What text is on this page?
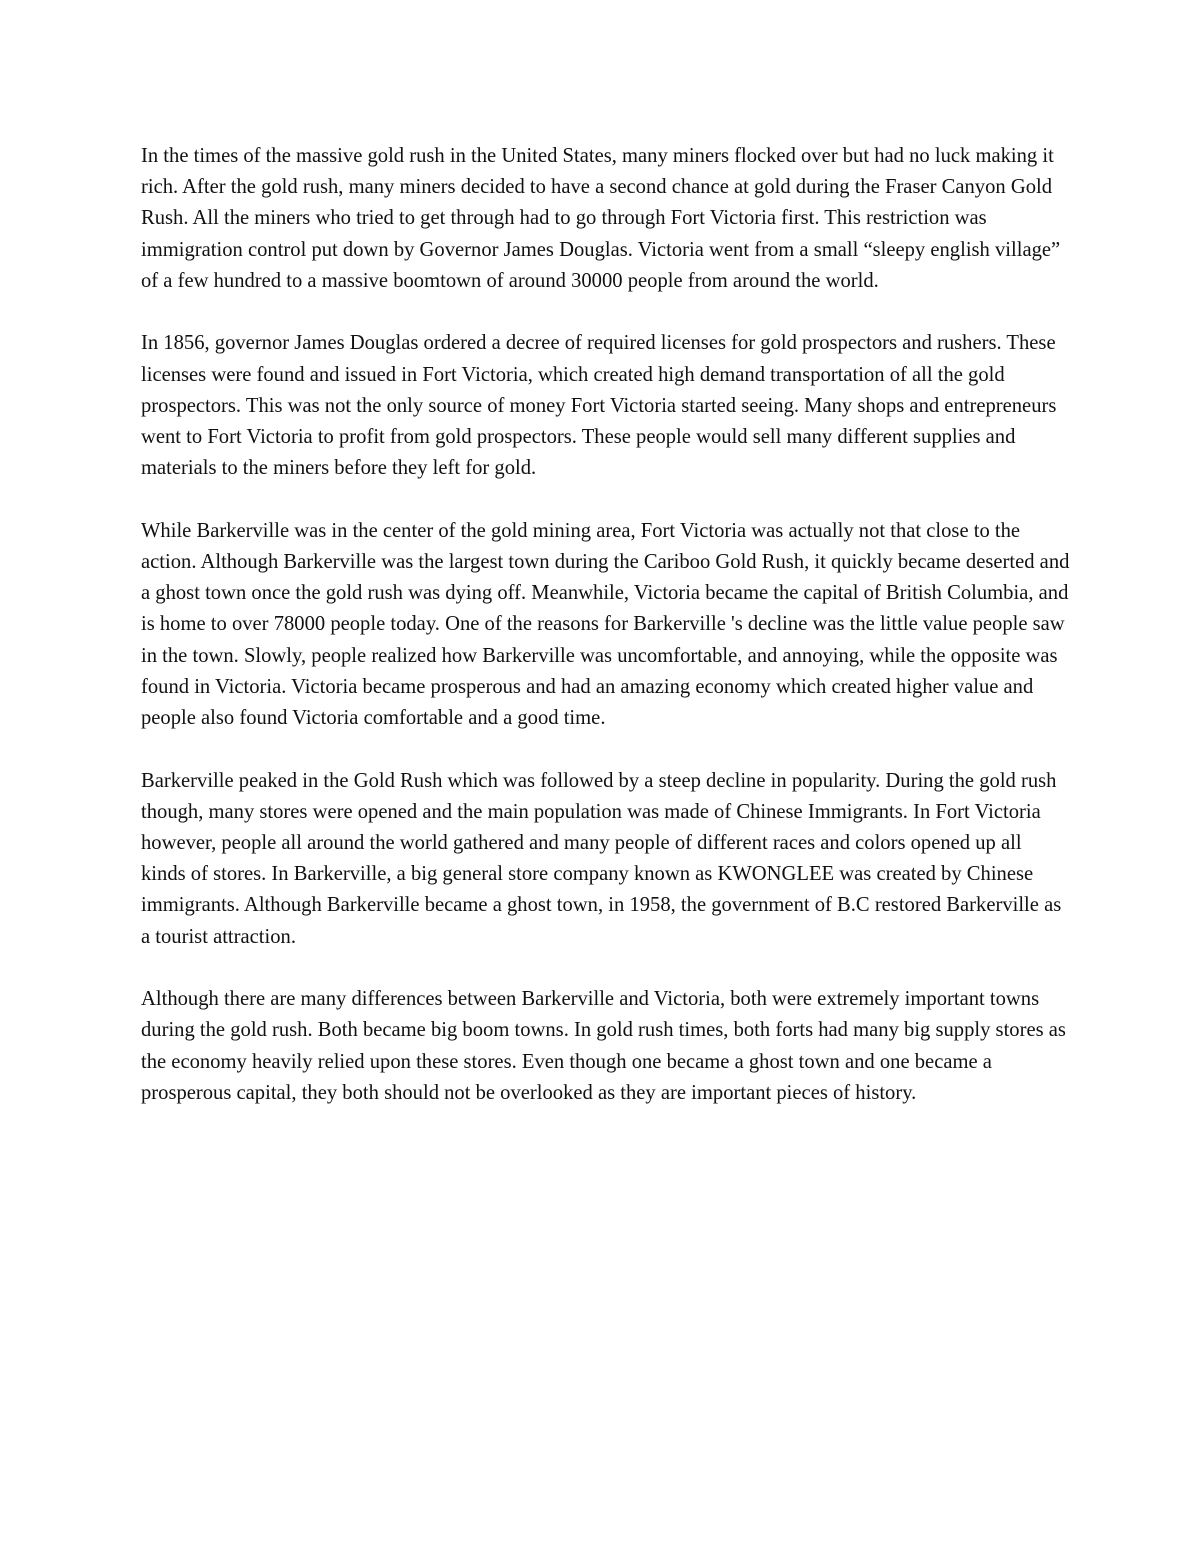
In the times of the massive gold rush in the United States, many miners flocked over but had no luck making it rich. After the gold rush, many miners decided to have a second chance at gold during the Fraser Canyon Gold Rush. All the miners who tried to get through had to go through Fort Victoria first. This restriction was immigration control put down by Governor James Douglas. Victoria went from a small “sleepy english village” of a few hundred to a massive boomtown of around 30000 people from around the world.

In 1856, governor James Douglas ordered a decree of required licenses for gold prospectors and rushers. These licenses were found and issued in Fort Victoria, which created high demand transportation of all the gold prospectors. This was not the only source of money Fort Victoria started seeing. Many shops and entrepreneurs went to Fort Victoria to profit from gold prospectors. These people would sell many different supplies and materials to the miners before they left for gold.

While Barkerville was in the center of the gold mining area, Fort Victoria was actually not that close to the action. Although Barkerville was the largest town during the Cariboo Gold Rush, it quickly became deserted and a ghost town once the gold rush was dying off. Meanwhile, Victoria became the capital of British Columbia, and is home to over 78000 people today. One of the reasons for Barkerville 's decline was the little value people saw in the town. Slowly, people realized how Barkerville was uncomfortable, and annoying, while the opposite was found in Victoria. Victoria became prosperous and had an amazing economy which created higher value and people also found Victoria comfortable and a good time.

Barkerville peaked in the Gold Rush which was followed by a steep decline in popularity. During the gold rush though, many stores were opened and the main population was made of Chinese Immigrants. In Fort Victoria however, people all around the world gathered and many people of different races and colors opened up all kinds of stores. In Barkerville, a big general store company known as KWONGLEE was created by Chinese immigrants. Although Barkerville became a ghost town, in 1958, the government of B.C restored Barkerville as a tourist attraction.

Although there are many differences between Barkerville and Victoria, both were extremely important towns during the gold rush. Both became big boom towns. In gold rush times, both forts had many big supply stores as the economy heavily relied upon these stores. Even though one became a ghost town and one became a prosperous capital, they both should not be overlooked as they are important pieces of history.
